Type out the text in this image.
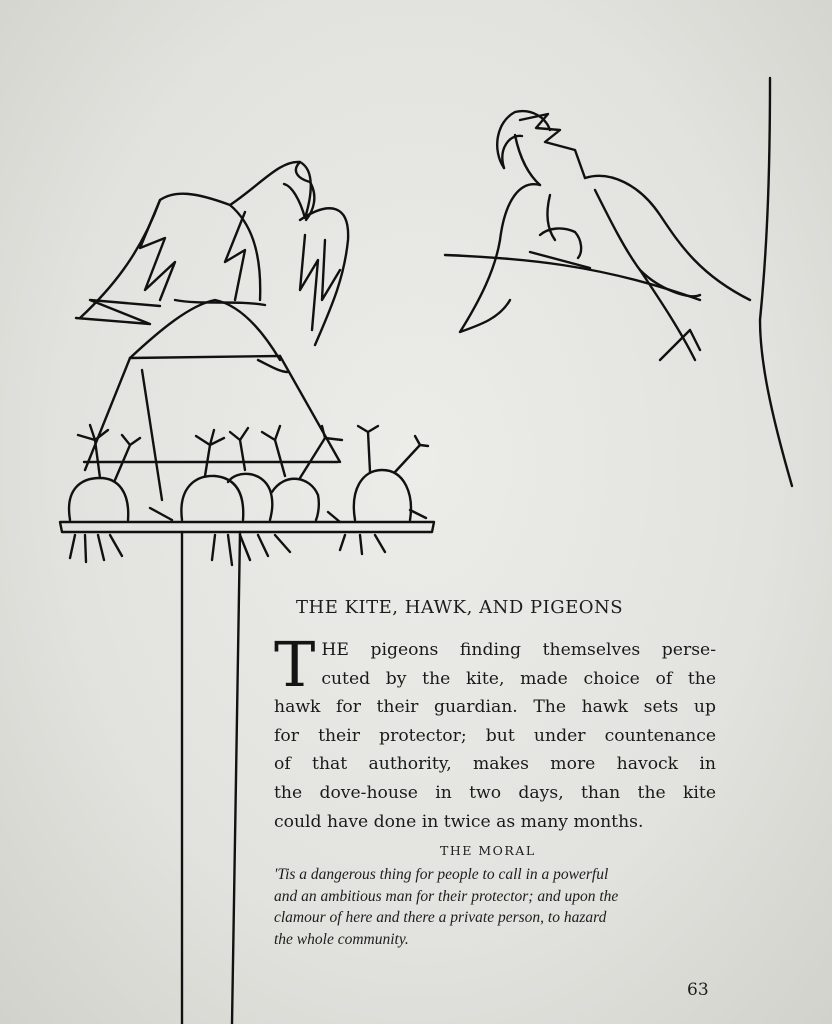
THE KITE, HAWK, AND PIGEONS
T HE pigeons finding themselves perse-
cuted by the kite, made choice of the
hawk for their guardian. The hawk sets up
for their protector; but under countenance
of that authority, makes more havock in
the dove-house in two days, than the kite
could have done in twice as many months.
THE MORAL
'Tis a dangerous thing for people to call in a powerful
and an ambitious man for their protector; and upon the
clamour of here and there a private person, to hazard
the whole community.
63
